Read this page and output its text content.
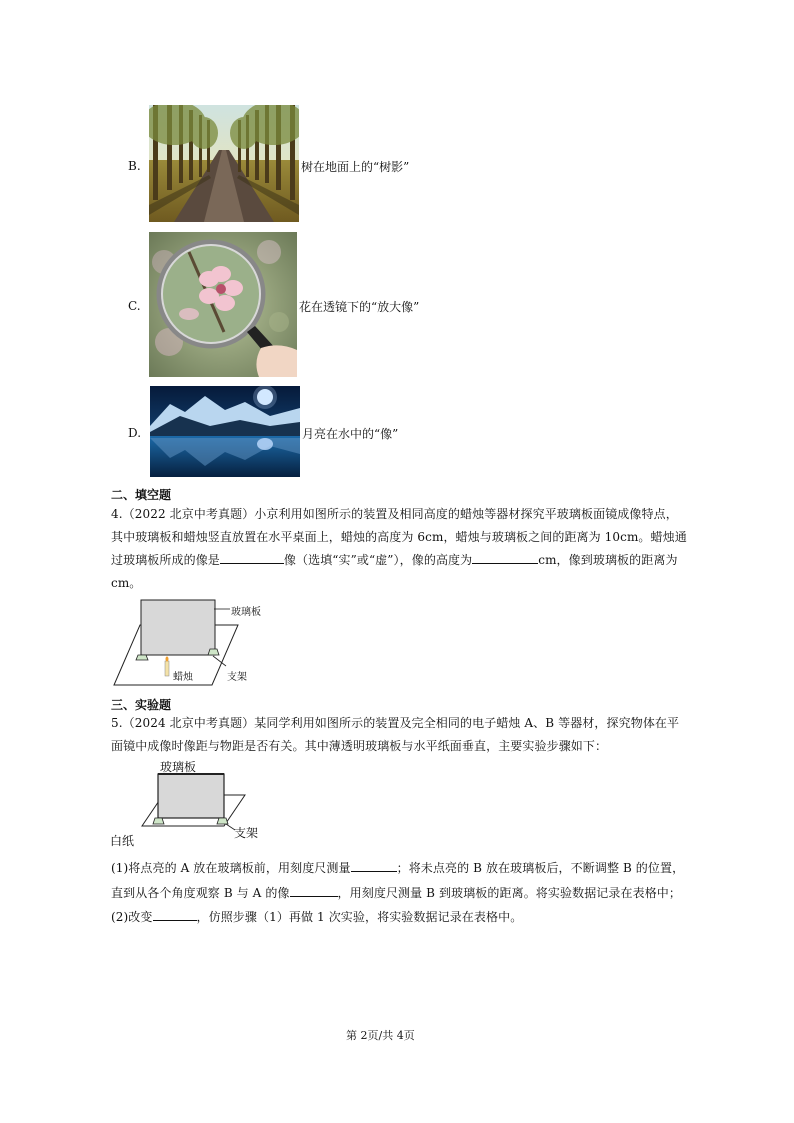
B.	树在地面上的“树影”
C.	花在透镜下的“放大像”
D.	月亮在水中的“像”
二、填空题
4.（2022 北京中考真题）小京利用如图所示的装置及相同高度的蜡烛等器材探究平玻璃板面镜成像特点，
其中玻璃板和蜡烛竖直放置在水平桌面上，蜡烛的高度为 6cm，蜡烛与玻璃板之间的距离为 10cm。蜡烛通
过玻璃板所成的像是	像（选填“实”或“虚”），像的高度为	cm，像到玻璃板的距离为
cm。
玻璃板
蜡烛	支架
三、实验题
5.（2024 北京中考真题）某同学利用如图所示的装置及完全相同的电子蜡烛 A、B 等器材，探究物体在平
面镜中成像时像距与物距是否有关。其中薄透明玻璃板与水平纸面垂直，主要实验步骤如下：
玻璃板
白纸
支架
(1)将点亮的 A 放在玻璃板前，用刻度尺测量	；将未点亮的 B 放在玻璃板后，不断调整 B 的位置，
直到从各个角度观察 B 与 A 的像	，用刻度尺测量 B 到玻璃板的距离。将实验数据记录在表格中；
(2)改变	，仿照步骤（1）再做 1 次实验，将实验数据记录在表格中。
第 2页/共 4页
